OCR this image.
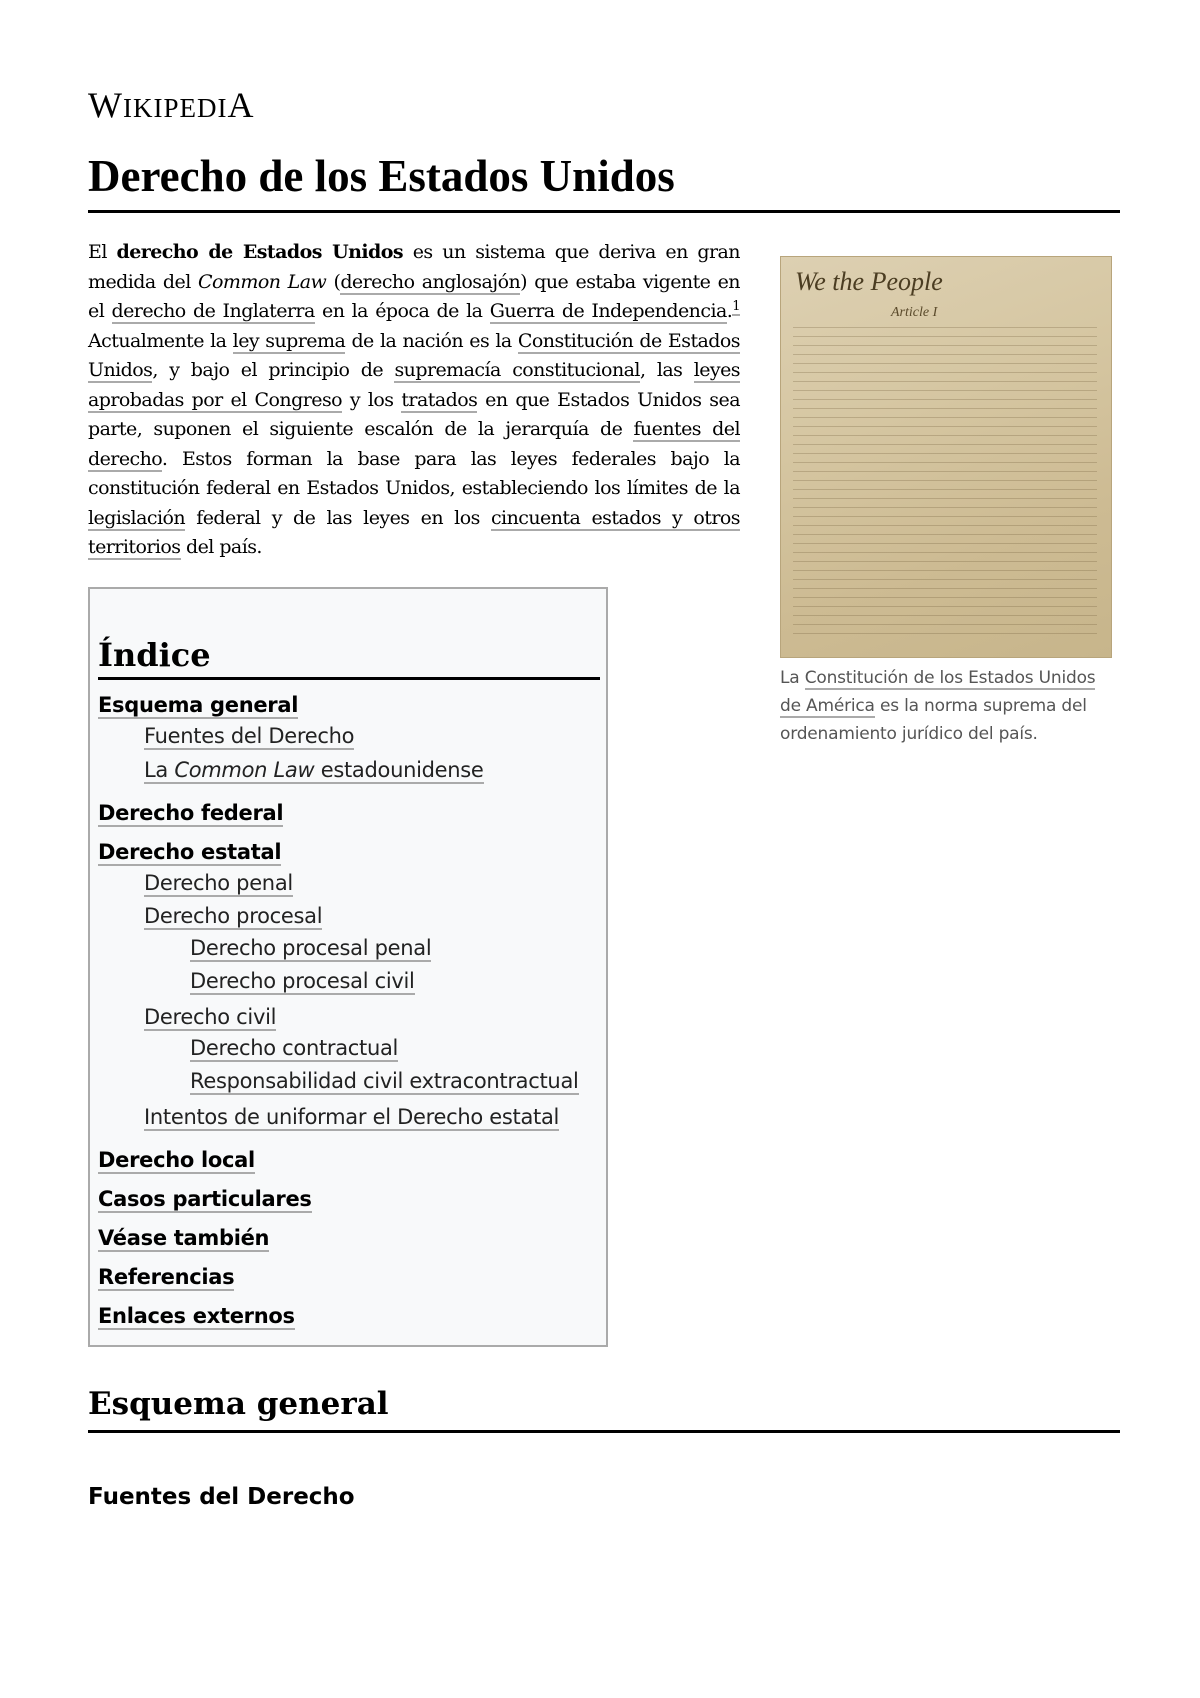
WIKIPEDIA
Derecho de los Estados Unidos

El derecho de Estados Unidos es un sistema que deriva en gran medida del Common Law (derecho anglosajón) que estaba vigente en el derecho de Inglaterra en la época de la Guerra de Independencia.$^1$ Actualmente la ley suprema de la nación es la Constitución de Estados Unidos, y bajo el principio de supremacía constitucional, las leyes aprobadas por el Congreso y los tratados en que Estados Unidos sea parte, suponen el siguiente escalón de la jerarquía de fuentes del derecho. Estos forman la base para las leyes federales bajo la constitución federal en Estados Unidos, estableciendo los límites de la legislación federal y de las leyes en los cincuenta estados y otros territorios del país.

We the People
Article I
La Constitución de los Estados Unidos de América es la norma suprema del ordenamiento jurídico del país.
Índice
Esquema general
Fuentes del Derecho
La Common Law estadounidense
Derecho federal
Derecho estatal
Derecho penal
Derecho procesal
Derecho procesal penal
Derecho procesal civil
Derecho civil
Derecho contractual
Responsabilidad civil extracontractual
Intentos de uniformar el Derecho estatal
Derecho local
Casos particulares
Véase también
Referencias
Enlaces externos
Esquema general
Fuentes del Derecho
